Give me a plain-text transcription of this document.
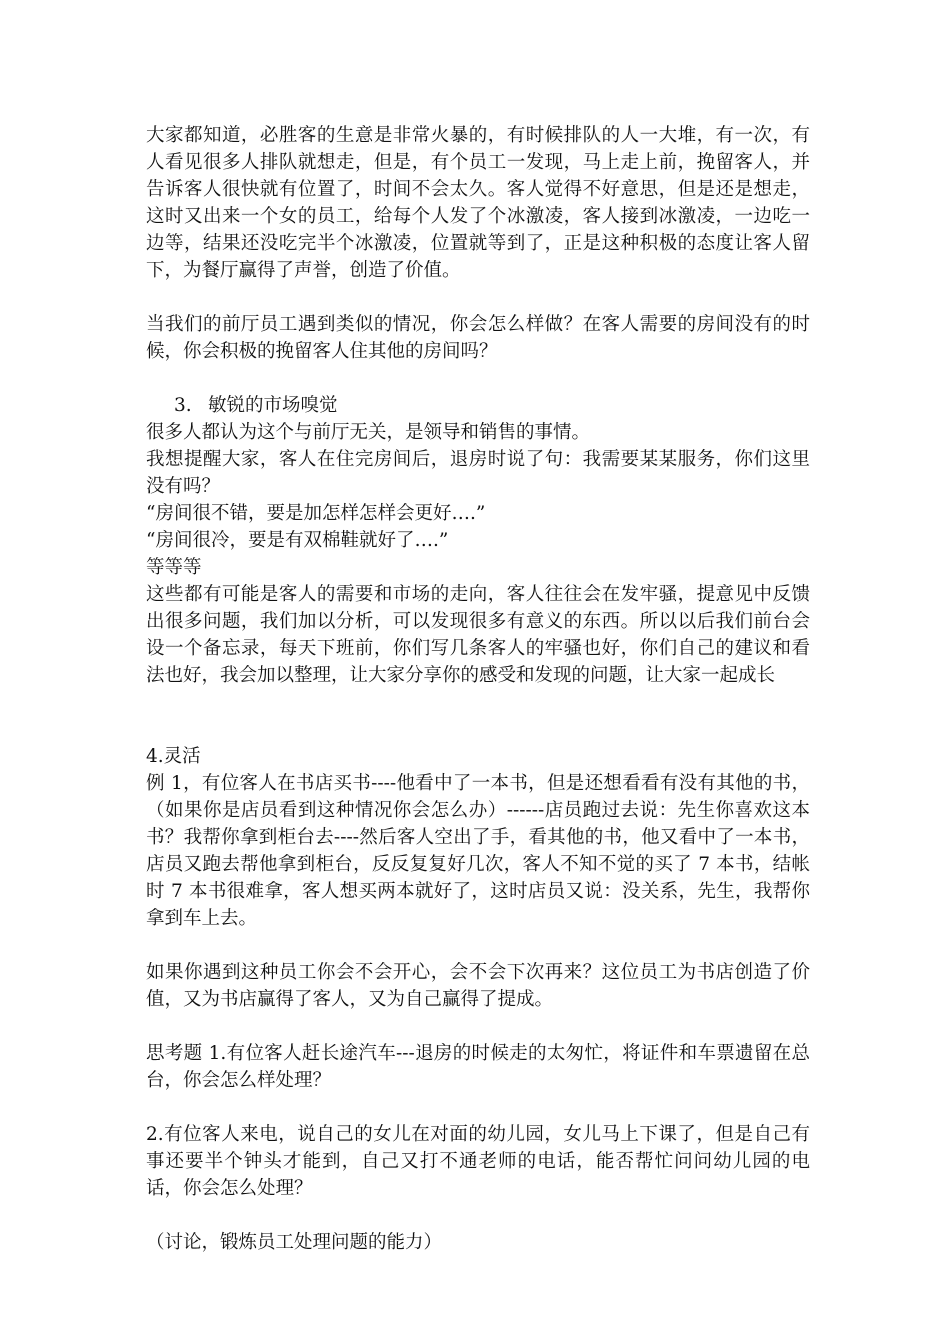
大家都知道，必胜客的生意是非常火暴的，有时候排队的人一大堆，有一次，有人看见很多人排队就想走，但是，有个员工一发现，马上走上前，挽留客人，并告诉客人很快就有位置了，时间不会太久。客人觉得不好意思，但是还是想走，这时又出来一个女的员工，给每个人发了个冰激凌，客人接到冰激凌，一边吃一边等，结果还没吃完半个冰激凌，位置就等到了，正是这种积极的态度让客人留下，为餐厅赢得了声誉，创造了价值。

当我们的前厅员工遇到类似的情况，你会怎么样做？在客人需要的房间没有的时候，你会积极的挽留客人住其他的房间吗？

3. 敏锐的市场嗅觉

很多人都认为这个与前厅无关，是领导和销售的事情。

我想提醒大家，客人在住完房间后，退房时说了句：我需要某某服务，你们这里没有吗？

“房间很不错，要是加怎样怎样会更好….”

“房间很冷，要是有双棉鞋就好了….”

等等等

这些都有可能是客人的需要和市场的走向，客人往往会在发牢骚，提意见中反馈出很多问题，我们加以分析，可以发现很多有意义的东西。所以以后我们前台会设一个备忘录，每天下班前，你们写几条客人的牢骚也好，你们自己的建议和看法也好，我会加以整理，让大家分享你的感受和发现的问题，让大家一起成长

4.灵活

例 1，有位客人在书店买书----他看中了一本书，但是还想看看有没有其他的书，（如果你是店员看到这种情况你会怎么办）------店员跑过去说：先生你喜欢这本书？我帮你拿到柜台去----然后客人空出了手，看其他的书，他又看中了一本书，店员又跑去帮他拿到柜台，反反复复好几次，客人不知不觉的买了 7 本书，结帐时 7 本书很难拿，客人想买两本就好了，这时店员又说：没关系，先生，我帮你拿到车上去。

如果你遇到这种员工你会不会开心，会不会下次再来？这位员工为书店创造了价值，又为书店赢得了客人，又为自己赢得了提成。

思考题 1.有位客人赶长途汽车---退房的时候走的太匆忙，将证件和车票遗留在总台，你会怎么样处理？

2.有位客人来电，说自己的女儿在对面的幼儿园，女儿马上下课了，但是自己有事还要半个钟头才能到，自己又打不通老师的电话，能否帮忙问问幼儿园的电话，你会怎么处理？

（讨论，锻炼员工处理问题的能力）
